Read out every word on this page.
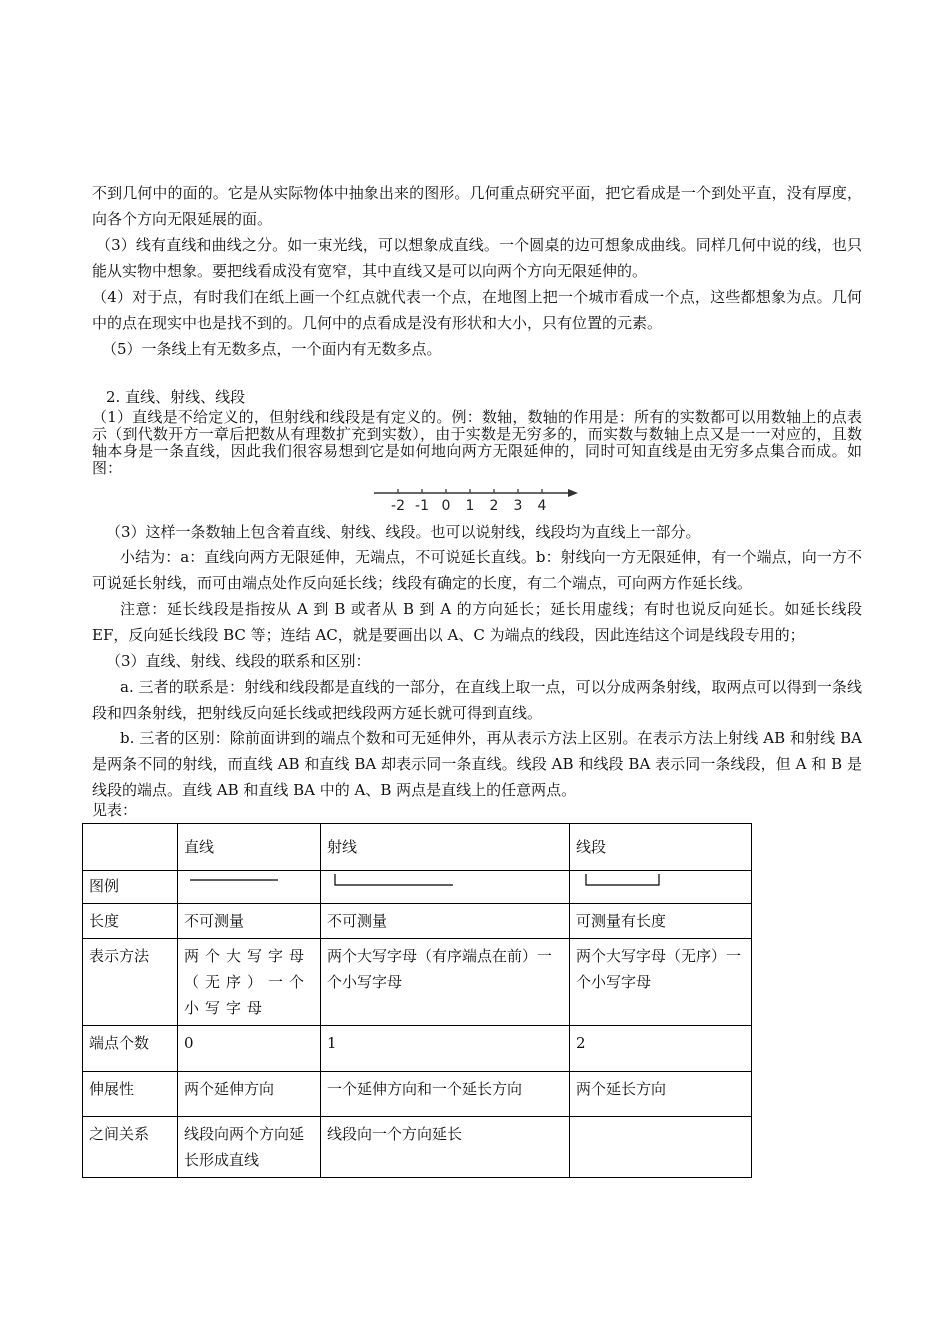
不到几何中的面的。它是从实际物体中抽象出来的图形。几何重点研究平面，把它看成是一个到处平直，没有厚度，向各个方向无限延展的面。

（3）线有直线和曲线之分。如一束光线，可以想象成直线。一个圆桌的边可想象成曲线。同样几何中说的线，也只能从实物中想象。要把线看成没有宽窄，其中直线又是可以向两个方向无限延伸的。

（4）对于点，有时我们在纸上画一个红点就代表一个点，在地图上把一个城市看成一个点，这些都想象为点。几何中的点在现实中也是找不到的。几何中的点看成是没有形状和大小，只有位置的元素。

（5）一条线上有无数多点，一个面内有无数多点。

2. 直线、射线、线段

（1）直线是不给定义的，但射线和线段是有定义的。例：数轴，数轴的作用是：所有的实数都可以用数轴上的点表示（到代数开方一章后把数从有理数扩充到实数），由于实数是无穷多的，而实数与数轴上点又是一一对应的，且数轴本身是一条直线，因此我们很容易想到它是如何地向两方无限延伸的，同时可知直线是由无穷多点集合而成。如图：

-2 -1 0 1 2 3 4

（3）这样一条数轴上包含着直线、射线、线段。也可以说射线，线段均为直线上一部分。

小结为：a：直线向两方无限延伸，无端点，不可说延长直线。b：射线向一方无限延伸，有一个端点，向一方不可说延长射线，而可由端点处作反向延长线；线段有确定的长度，有二个端点，可向两方作延长线。

注意：延长线段是指按从 A 到 B 或者从 B 到 A 的方向延长；延长用虚线；有时也说反向延长。如延长线段 EF，反向延长线段 BC 等；连结 AC，就是要画出以 A、C 为端点的线段，因此连结这个词是线段专用的；

（3）直线、射线、线段的联系和区别：

a. 三者的联系是：射线和线段都是直线的一部分，在直线上取一点，可以分成两条射线，取两点可以得到一条线段和四条射线，把射线反向延长线或把线段两方延长就可得到直线。

b. 三者的区别：除前面讲到的端点个数和可无延伸外，再从表示方法上区别。在表示方法上射线 AB 和射线 BA 是两条不同的射线，而直线 AB 和直线 BA 却表示同一条直线。线段 AB 和线段 BA 表示同一条线段，但 A 和 B 是线段的端点。直线 AB 和直线 BA 中的 A、B 两点是直线上的任意两点。

见表：

	直线	射线	线段
图例			
长度	不可测量	不可测量	可测量有长度
表示方法	两个大写字母（无序）一个小写字母	两个大写字母（有序端点在前）一个小写字母	两个大写字母（无序）一个小写字母
端点个数	0	1	2
伸展性	两个延伸方向	一个延伸方向和一个延长方向	两个延长方向
之间关系	线段向两个方向延长形成直线	线段向一个方向延长	
